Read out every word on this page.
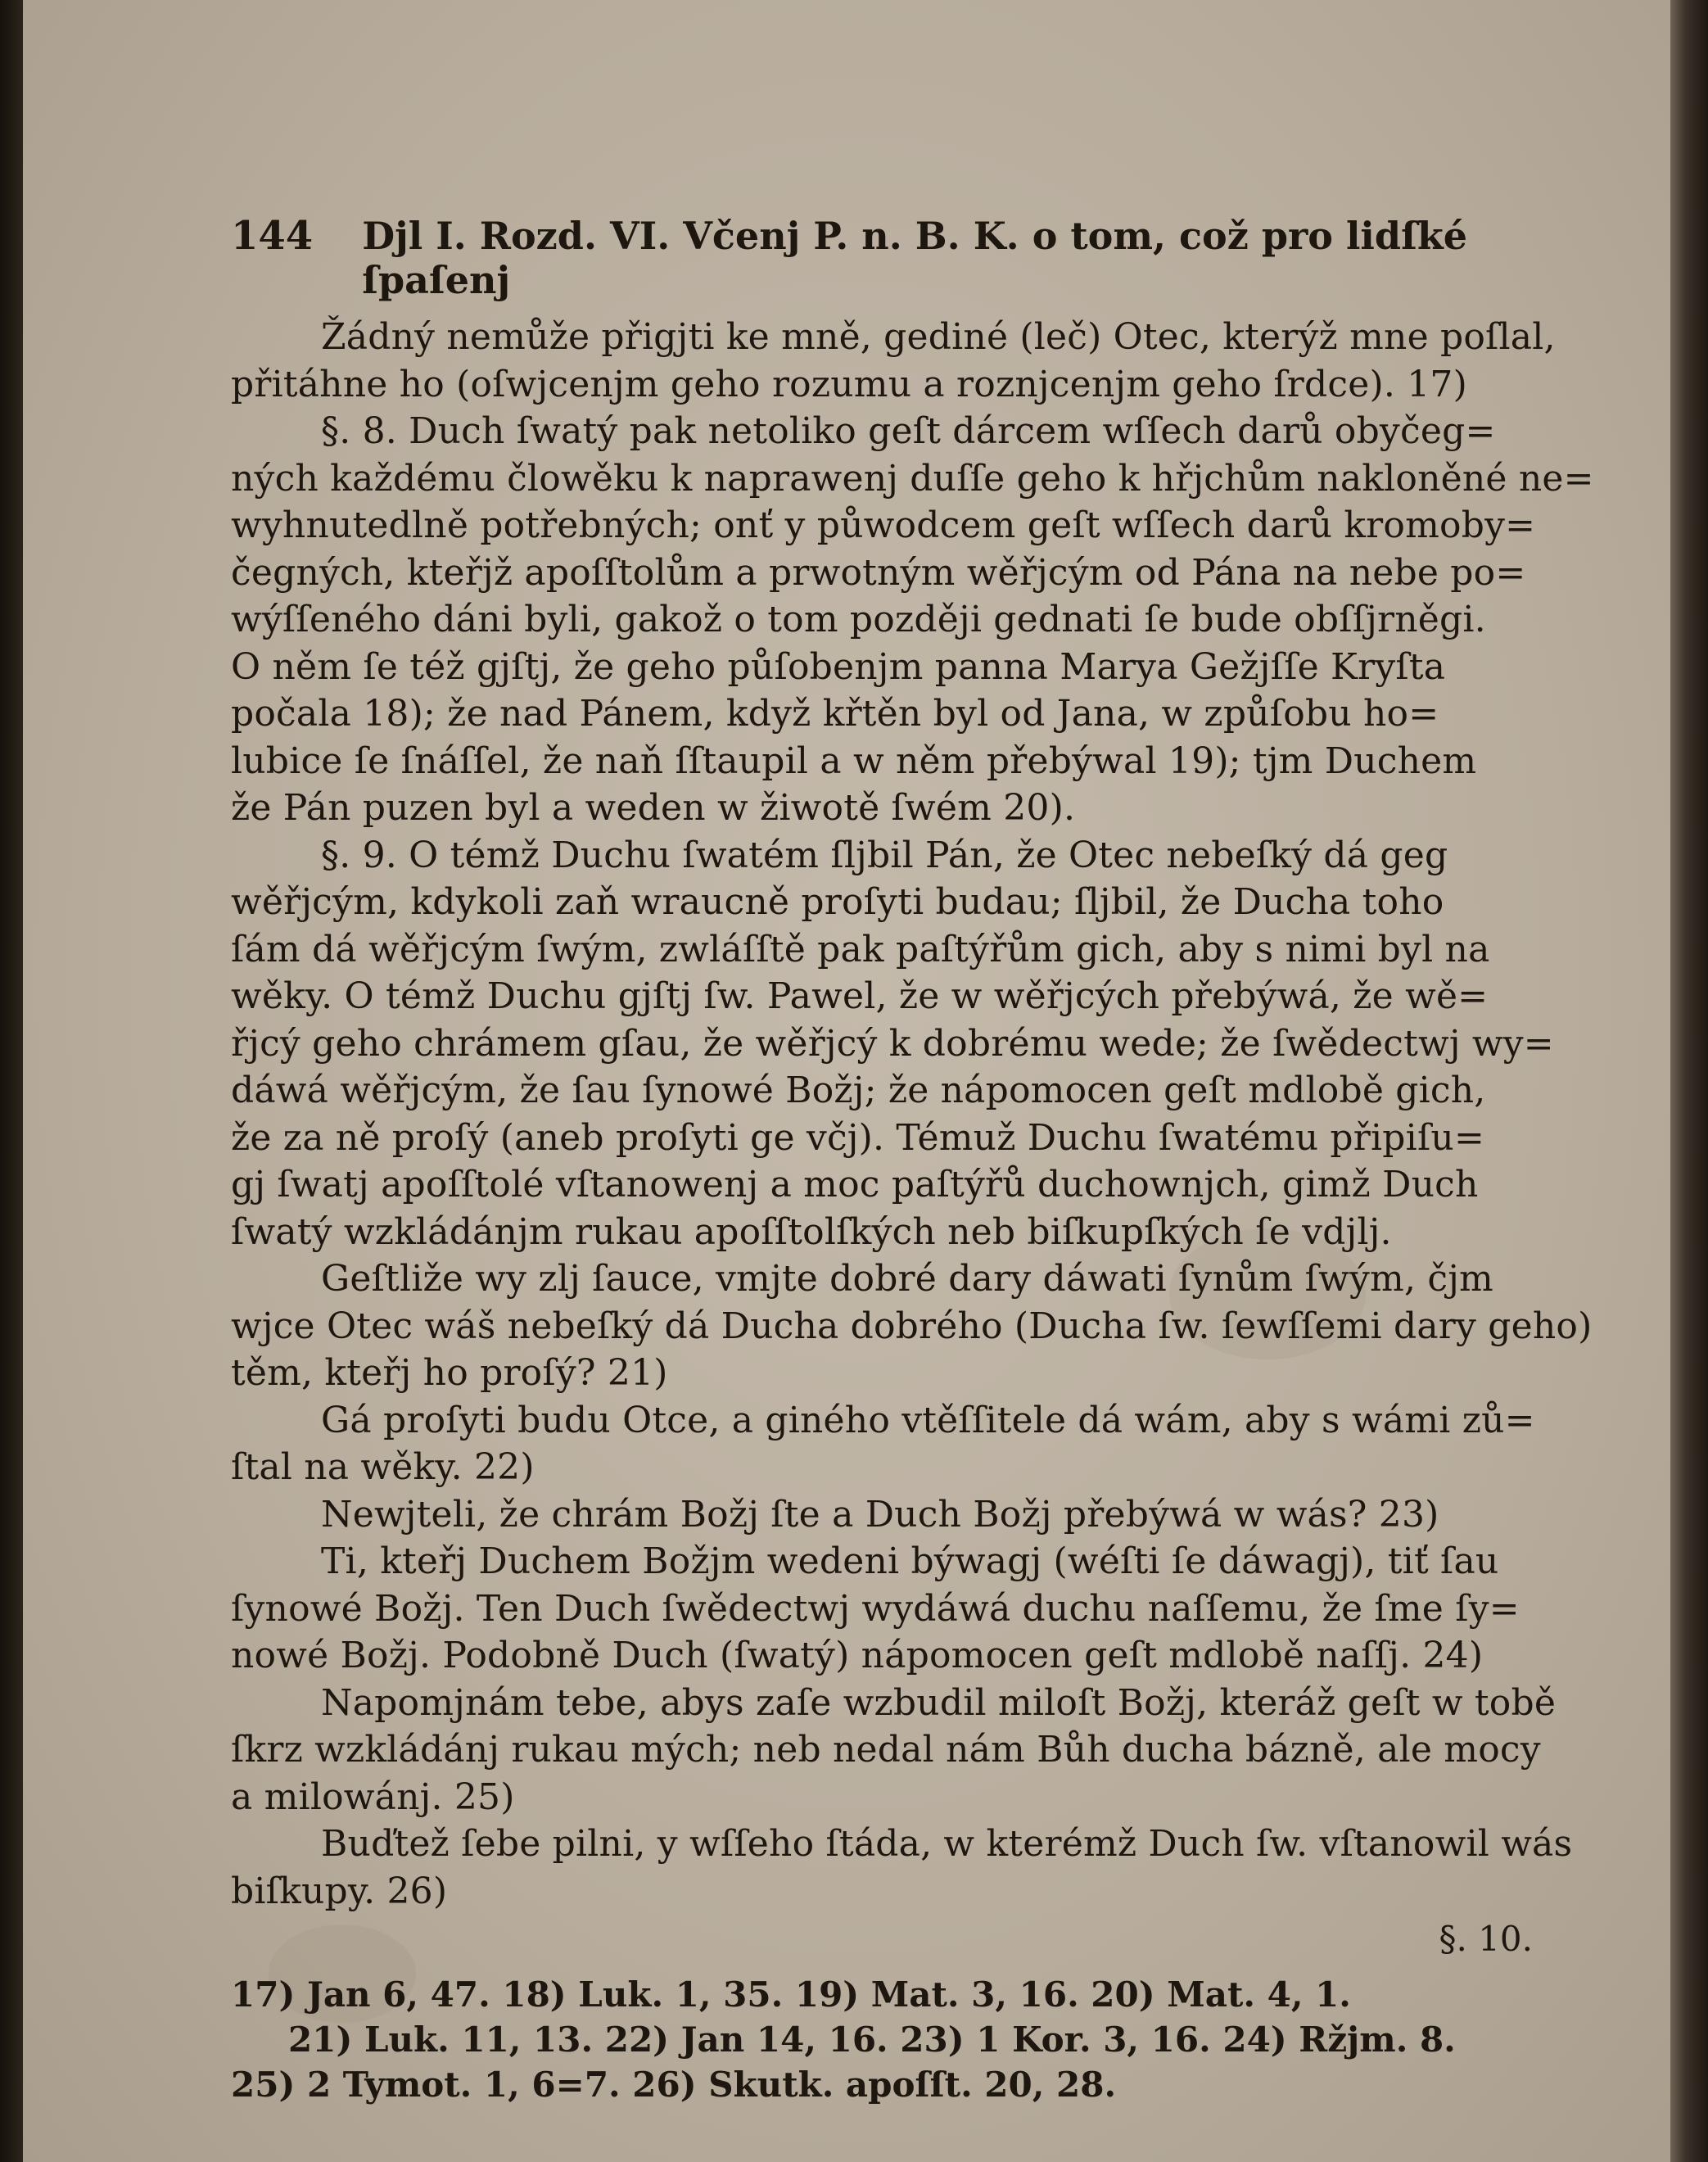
144 Djl I. Rozd. VI. Včenj P. n. B. K. o tom, což pro lidſké ſpaſenj
Žádný nemůže přigjti ke mně, gediné (leč) Otec, kterýž mne poſlal,
přitáhne ho (oſwjcenjm geho rozumu a roznjcenjm geho ſrdce). 17)
§. 8. Duch ſwatý pak netoliko geſt dárcem wſſech darů obyčeg=
ných každému člowěku k naprawenj duſſe geho k hřjchům nakloněné ne=
wyhnutedlně potřebných; onť y půwodcem geſt wſſech darů kromoby=
čegných, kteřjž apoſſtolům a prwotným wěřjcým od Pána na nebe po=
wýſſeného dáni byli, gakož o tom později gednati ſe bude obſſjrněgi.
O něm ſe též gjſtj, že geho půſobenjm panna Marya Gežjſſe Kryſta
počala 18); že nad Pánem, když křtěn byl od Jana, w způſobu ho=
lubice ſe ſnáſſel, že naň ſſtaupil a w něm přebýwal 19); tjm Duchem
že Pán puzen byl a weden w žiwotě ſwém 20).
§. 9. O témž Duchu ſwatém ſljbil Pán, že Otec nebeſký dá geg
wěřjcým, kdykoli zaň wraucně proſyti budau; ſljbil, že Ducha toho
ſám dá wěřjcým ſwým, zwláſſtě pak paſtýřům gich, aby s nimi byl na
wěky. O témž Duchu gjſtj ſw. Pawel, že w wěřjcých přebýwá, že wě=
řjcý geho chrámem gſau, že wěřjcý k dobrému wede; že ſwědectwj wy=
dáwá wěřjcým, že ſau ſynowé Božj; že nápomocen geſt mdlobě gich,
že za ně proſý (aneb proſyti ge včj). Témuž Duchu ſwatému připiſu=
gj ſwatj apoſſtolé vſtanowenj a moc paſtýřů duchownjch, gimž Duch
ſwatý wzkládánjm rukau apoſſtolſkých neb biſkupſkých ſe vdjlj.
Geſtliže wy zlj ſauce, vmjte dobré dary dáwati ſynům ſwým, čjm
wjce Otec wáš nebeſký dá Ducha dobrého (Ducha ſw. ſewſſemi dary geho)
těm, kteřj ho proſý? 21)
Gá proſyti budu Otce, a giného vtěſſitele dá wám, aby s wámi zů=
ſtal na wěky. 22)
Newjteli, že chrám Božj ſte a Duch Božj přebýwá w wás? 23)
Ti, kteřj Duchem Božjm wedeni býwagj (wéſti ſe dáwagj), tiť ſau
ſynowé Božj. Ten Duch ſwědectwj wydáwá duchu naſſemu, že ſme ſy=
nowé Božj. Podobně Duch (ſwatý) nápomocen geſt mdlobě naſſj. 24)
Napomjnám tebe, abys zaſe wzbudil miloſt Božj, kteráž geſt w tobě
ſkrz wzkládánj rukau mých; neb nedal nám Bůh ducha bázně, ale mocy
a milowánj. 25)
Buďtež ſebe pilni, y wſſeho ſtáda, w kterémž Duch ſw. vſtanowil wás
biſkupy. 26)
§. 10.
17) Jan 6, 47. 18) Luk. 1, 35. 19) Mat. 3, 16. 20) Mat. 4, 1.
21) Luk. 11, 13. 22) Jan 14, 16. 23) 1 Kor. 3, 16. 24) Ržjm. 8.
25) 2 Tymot. 1, 6=7. 26) Skutk. apoſſt. 20, 28.
